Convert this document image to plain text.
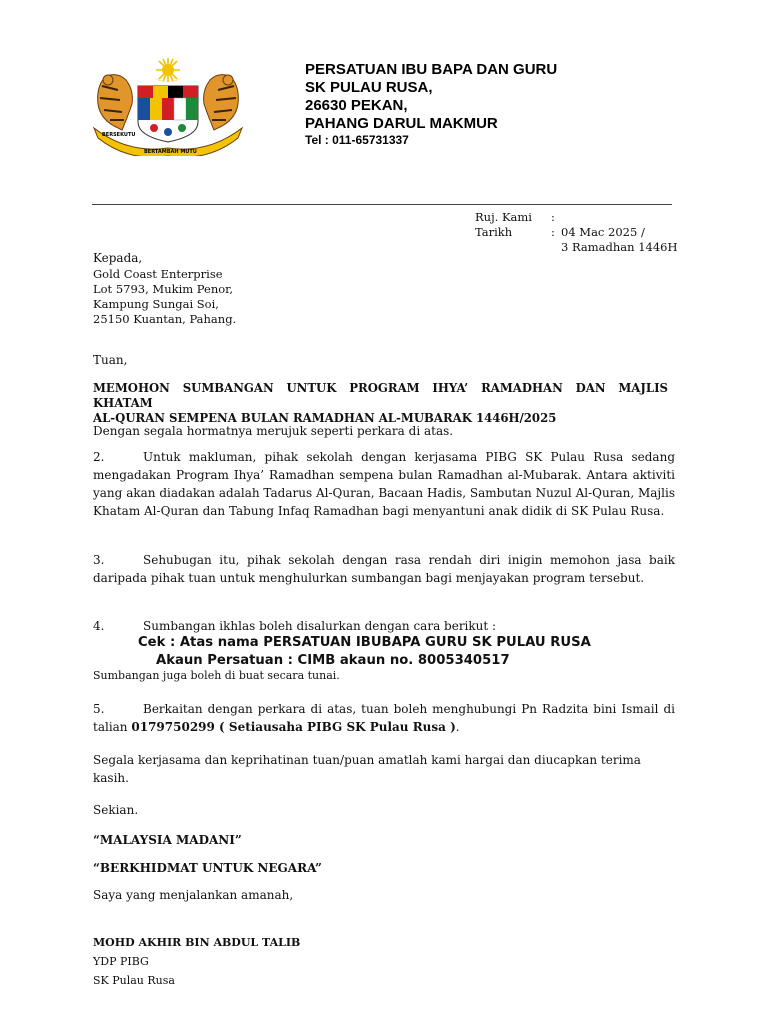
BERSEKUTU
BERTAMBAH MUTU
PERSATUAN IBU BAPA DAN GURU
SK PULAU RUSA,
26630 PEKAN,
PAHANG DARUL MAKMUR
Tel : 011-65731337
Ruj. Kami	:	
Tarikh	:	04 Mac 2025 /
		3 Ramadhan 1446H
Kepada,
Gold Coast Enterprise
Lot 5793, Mukim Penor,
Kampung Sungai Soi,
25150 Kuantan, Pahang.
Tuan,
MEMOHON SUMBANGAN UNTUK PROGRAM IHYA’ RAMADHAN DAN MAJLIS KHATAM
AL-QURAN SEMPENA BULAN RAMADHAN AL-MUBARAK 1446H/2025
Dengan segala hormatnya merujuk seperti perkara di atas.
2.	Untuk makluman, pihak sekolah dengan kerjasama PIBG SK Pulau Rusa sedang mengadakan Program Ihya’ Ramadhan sempena bulan Ramadhan al-Mubarak. Antara aktiviti yang akan diadakan adalah Tadarus Al-Quran, Bacaan Hadis, Sambutan Nuzul Al-Quran, Majlis Khatam Al-Quran dan Tabung Infaq Ramadhan bagi menyantuni anak didik di SK Pulau Rusa.
3.	Sehubugan itu, pihak sekolah dengan rasa rendah diri inigin memohon jasa baik daripada pihak tuan untuk menghulurkan sumbangan bagi menjayakan program tersebut.
4.	Sumbangan ikhlas boleh disalurkan dengan cara berikut :
Cek : Atas nama PERSATUAN IBUBAPA GURU SK PULAU RUSA
Akaun Persatuan : CIMB akaun no. 8005340517
Sumbangan juga boleh di buat secara tunai.
5.	Berkaitan dengan perkara di atas, tuan boleh menghubungi Pn Radzita bini Ismail di talian 0179750299 ( Setiausaha PIBG SK Pulau Rusa ).
Segala kerjasama dan keprihatinan tuan/puan amatlah kami hargai dan diucapkan terima kasih.
Sekian.
“MALAYSIA MADANI”
“BERKHIDMAT UNTUK NEGARA”
Saya yang menjalankan amanah,
MOHD AKHIR BIN ABDUL TALIB
YDP PIBG
SK Pulau Rusa
